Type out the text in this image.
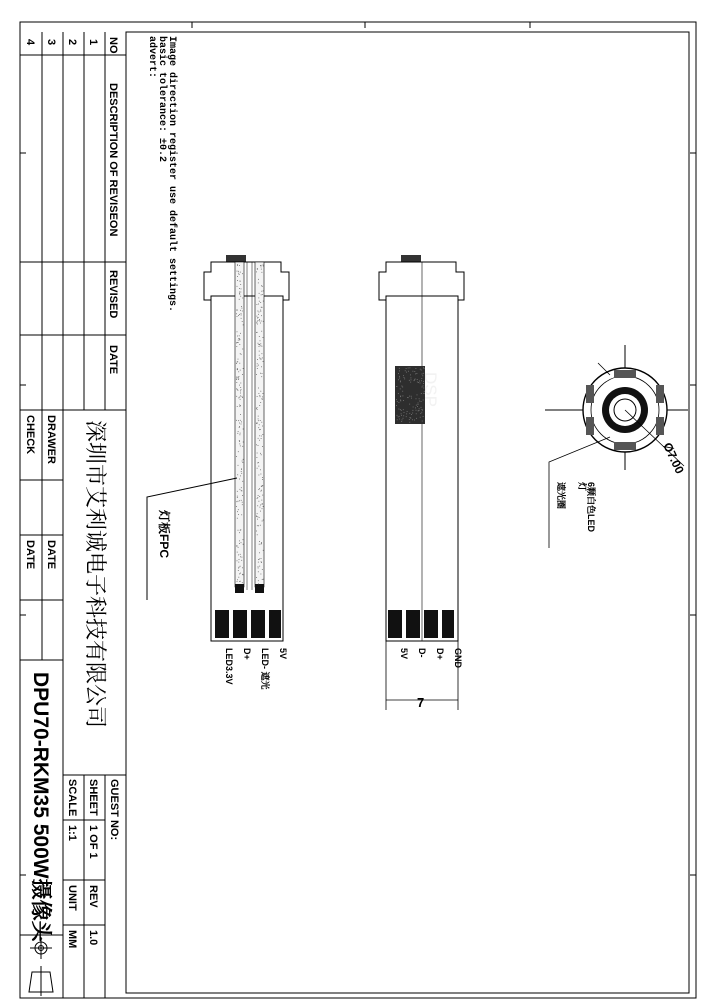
advert: basic tolerance: ±0.2 Image direction register use default settings.
NO
DESCRIPTION OF REVISEON
REVISED
DATE
1
2
3
4
深圳市艾利诚电子科技有限公司
DRAWER
CHECK
DATE
DATE
DPU70-RKM35 500W摄像头	GUEST NO:
SHEET
1 OF 1
REV
1.0
SCALE
1:1
UNIT
MM
5V
LED- 遮光
D+
LED3.3V
灯板FPC
DSP
GND
D+
D-
5V
7
Ø7.00
6颗白色LED
灯
遮光圈
